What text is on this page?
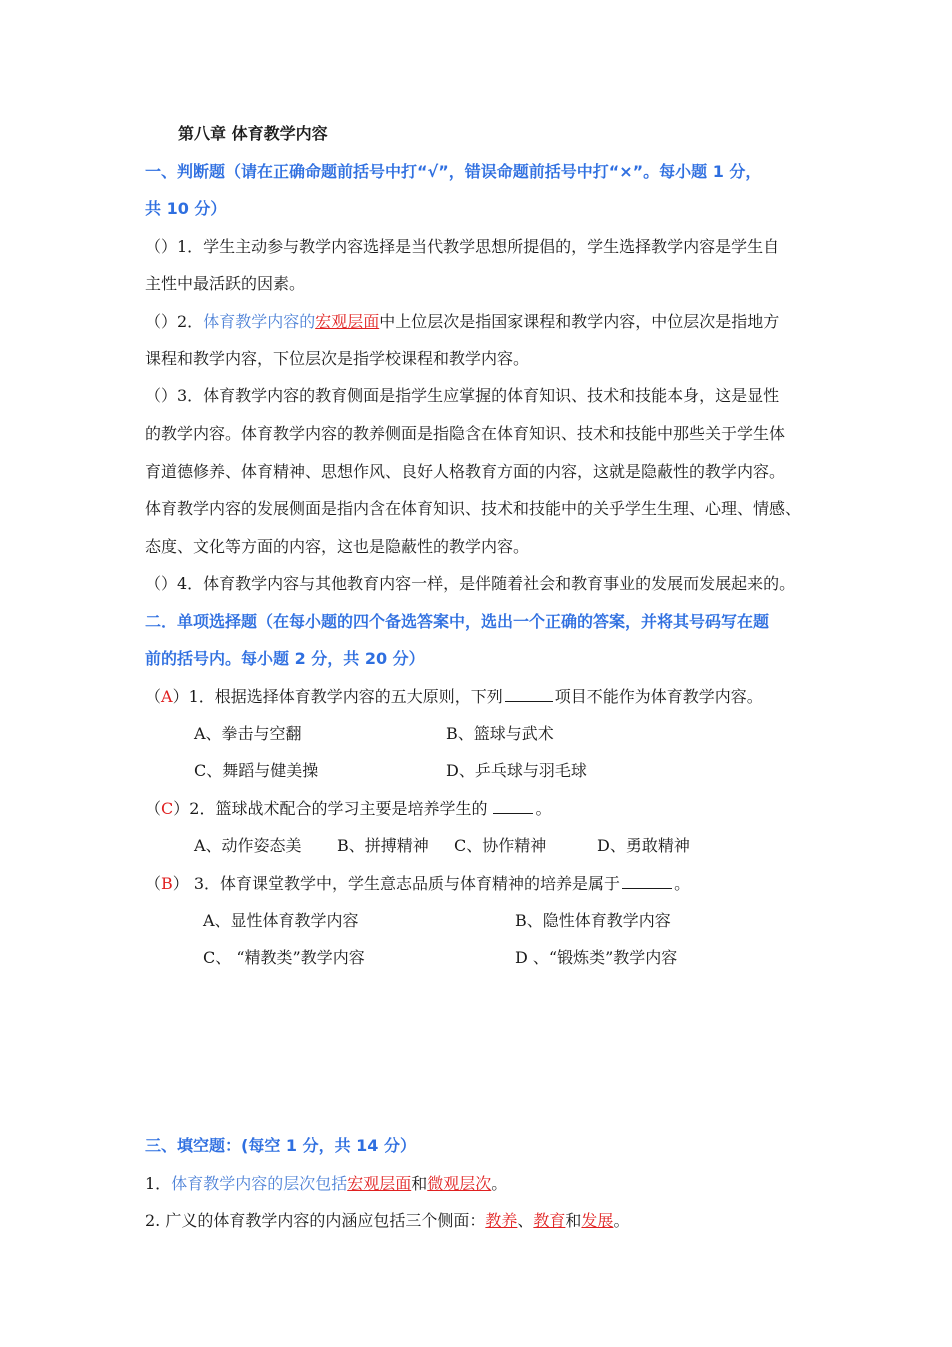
第八章 体育教学内容
一、判断题（请在正确命题前括号中打“√”，错误命题前括号中打“×”。每小题 1 分，
共 10 分）
（）1．学生主动参与教学内容选择是当代教学思想所提倡的，学生选择教学内容是学生自
主性中最活跃的因素。
（）2．体育教学内容的宏观层面中上位层次是指国家课程和教学内容，中位层次是指地方
课程和教学内容，下位层次是指学校课程和教学内容。
（）3．体育教学内容的教育侧面是指学生应掌握的体育知识、技术和技能本身，这是显性
的教学内容。体育教学内容的教养侧面是指隐含在体育知识、技术和技能中那些关于学生体
育道德修养、体育精神、思想作风、良好人格教育方面的内容，这就是隐蔽性的教学内容。
体育教学内容的发展侧面是指内含在体育知识、技术和技能中的关乎学生生理、心理、情感、
态度、文化等方面的内容，这也是隐蔽性的教学内容。
（）4．体育教学内容与其他教育内容一样，是伴随着社会和教育事业的发展而发展起来的。
二．单项选择题（在每小题的四个备选答案中，选出一个正确的答案，并将其号码写在题
前的括号内。每小题 2 分，共 20 分）
（A）1．根据选择体育教学内容的五大原则，下列	项目不能作为体育教学内容。
A、拳击与空翻	B、篮球与武术
C、舞蹈与健美操	D、乒乓球与羽毛球
（C）2．篮球战术配合的学习主要是培养学生的	。
A、动作姿态美 B、拼搏精神 C、协作精神	D、勇敢精神
（B） 3．体育课堂教学中，学生意志品质与体育精神的培养是属于	。
A、显性体育教学内容	B、隐性体育教学内容
C、 “精教类”教学内容	D 、“锻炼类”教学内容
三、填空题：(每空 1 分，共 14 分）
1．体育教学内容的层次包括宏观层面和微观层次。
2. 广义的体育教学内容的内涵应包括三个侧面：教养、教育和发展。
